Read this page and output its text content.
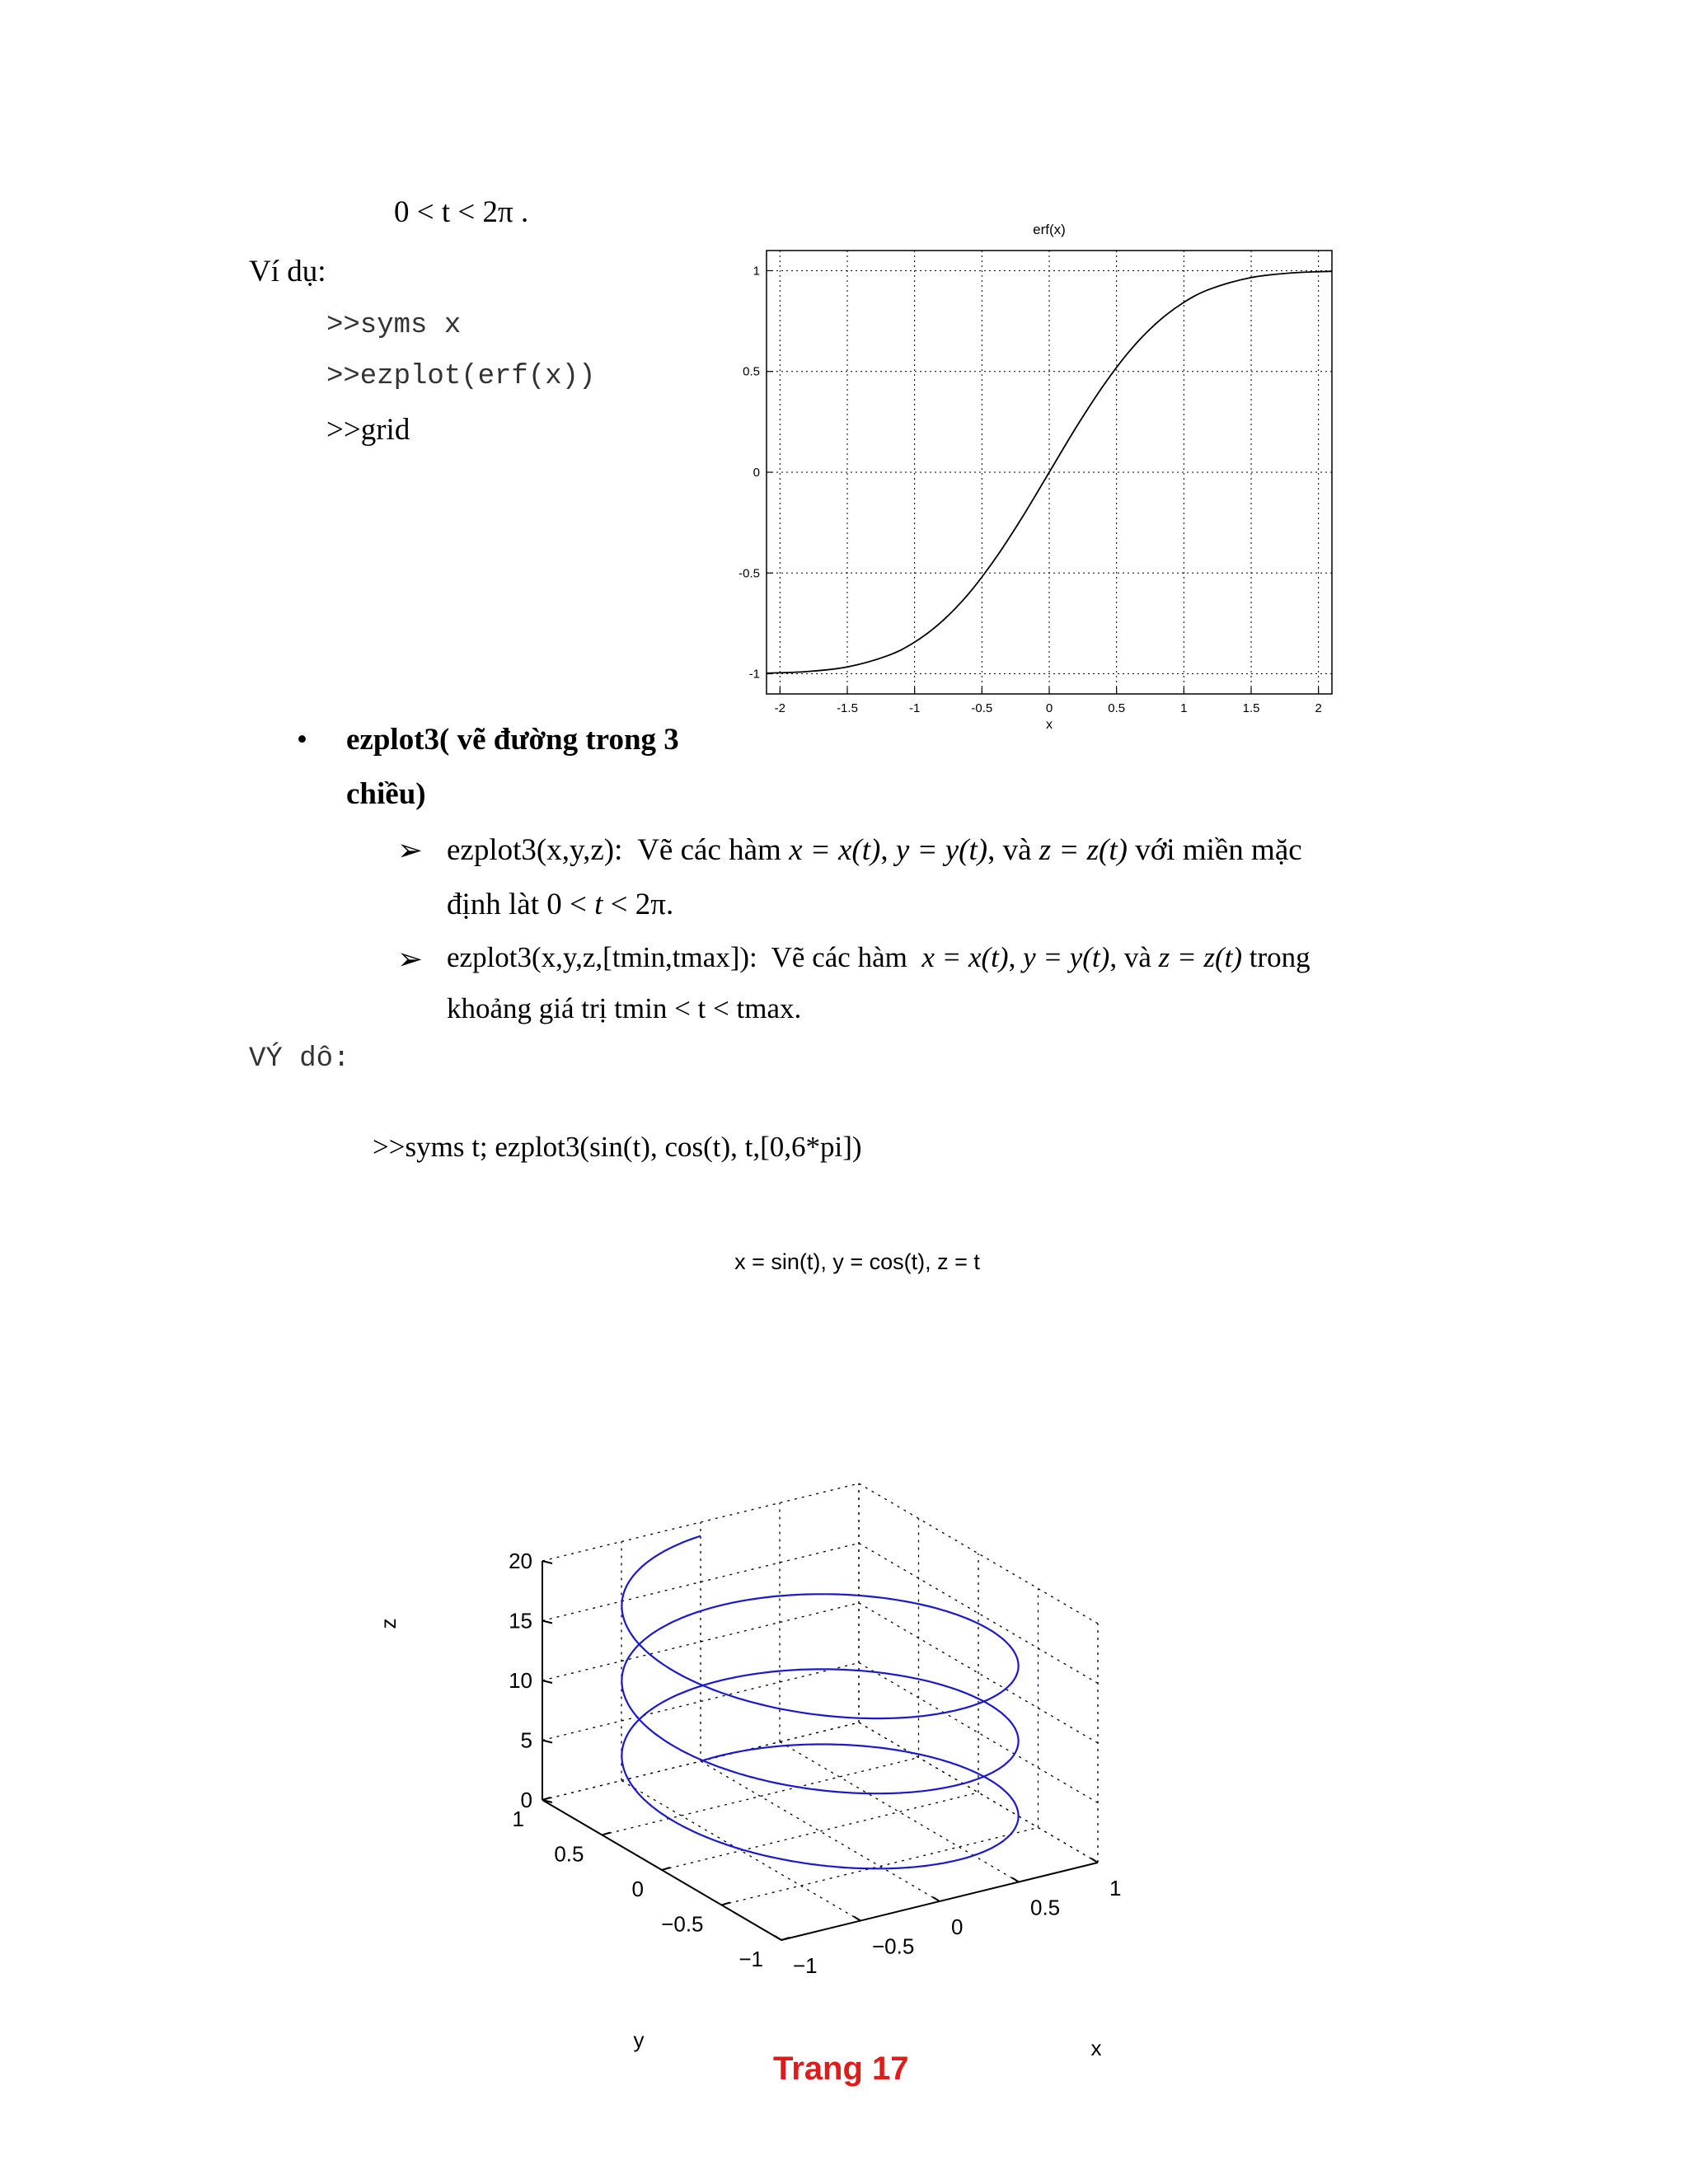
0 < t < 2π .
Ví dụ:
>>syms x
>>ezplot(erf(x))
>>grid
• ezplot3( vẽ đường trong 3
chiều)
➢ ezplot3(x,y,z): Vẽ các hàm x = x(t), y = y(t), và z = z(t) với miền mặc
định làt 0 < t < 2π.
➢ ezplot3(x,y,z,[tmin,tmax]): Vẽ các hàm x = x(t), y = y(t), và z = z(t) trong
khoảng giá trị tmin < t < tmax.
VÝ dô:
>>syms t; ezplot3(sin(t), cos(t), t,[0,6*pi])
erf(x)
-2	-1.5	-1	-0.5	0	0.5	1	1.5	2
1
0.5
0
-0.5
-1
x
x = sin(t), y = cos(t), z = t
20
15
10
5
0
1
0.5
0
−0.5
−1 −1
−0.5
0
0.5
1
z
y	x
Trang 17
